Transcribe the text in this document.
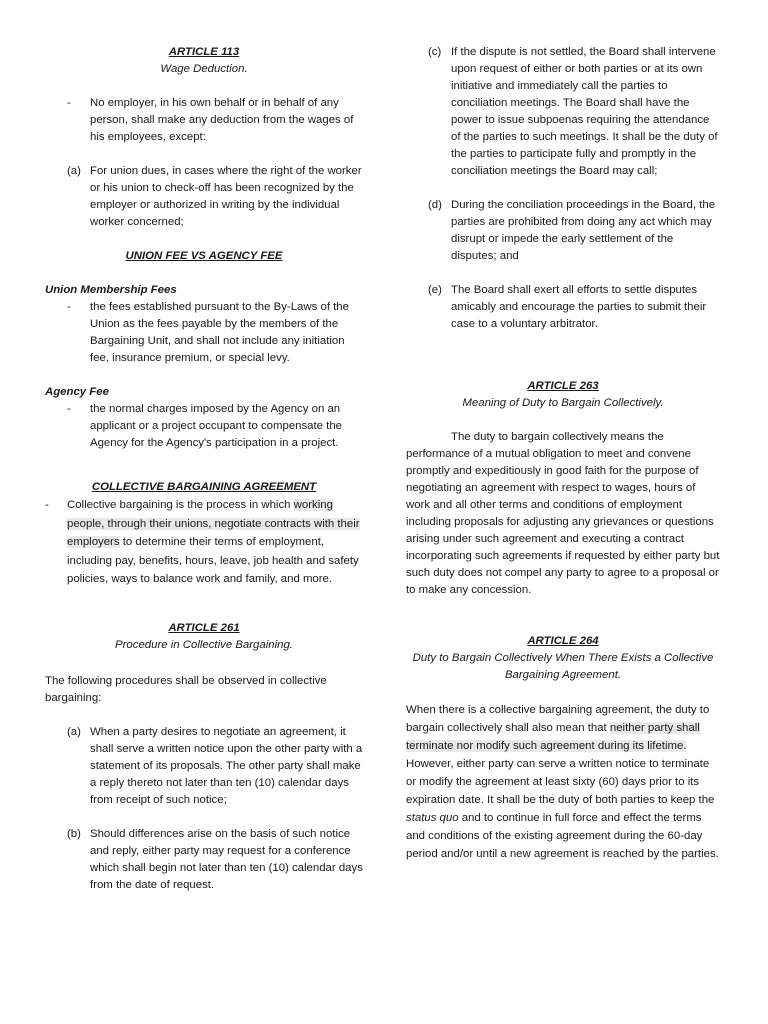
ARTICLE 113
Wage Deduction.
- No employer, in his own behalf or in behalf of any person, shall make any deduction from the wages of his employees, except:

(a) For union dues, in cases where the right of the worker or his union to check-off has been recognized by the employer or authorized in writing by the individual worker concerned;

UNION FEE VS AGENCY FEE
Union Membership Fees
- the fees established pursuant to the By-Laws of the Union as the fees payable by the members of the Bargaining Unit, and shall not include any initiation fee, insurance premium, or special levy.

Agency Fee
- the normal charges imposed by the Agency on an applicant or a project occupant to compensate the Agency for the Agency's participation in a project.

COLLECTIVE BARGAINING AGREEMENT
- Collective bargaining is the process in which working people, through their unions, negotiate contracts with their employers to determine their terms of employment, including pay, benefits, hours, leave, job health and safety policies, ways to balance work and family, and more.

ARTICLE 261
Procedure in Collective Bargaining.

The following procedures shall be observed in collective bargaining:

(a) When a party desires to negotiate an agreement, it shall serve a written notice upon the other party with a statement of its proposals. The other party shall make a reply thereto not later than ten (10) calendar days from receipt of such notice;

(b) Should differences arise on the basis of such notice and reply, either party may request for a conference which shall begin not later than ten (10) calendar days from the date of request.

(c) If the dispute is not settled, the Board shall intervene upon request of either or both parties or at its own initiative and immediately call the parties to conciliation meetings. The Board shall have the power to issue subpoenas requiring the attendance of the parties to such meetings. It shall be the duty of the parties to participate fully and promptly in the conciliation meetings the Board may call;

(d) During the conciliation proceedings in the Board, the parties are prohibited from doing any act which may disrupt or impede the early settlement of the disputes; and

(e) The Board shall exert all efforts to settle disputes amicably and encourage the parties to submit their case to a voluntary arbitrator.

ARTICLE 263
Meaning of Duty to Bargain Collectively.

The duty to bargain collectively means the performance of a mutual obligation to meet and convene promptly and expeditiously in good faith for the purpose of negotiating an agreement with respect to wages, hours of work and all other terms and conditions of employment including proposals for adjusting any grievances or questions arising under such agreement and executing a contract incorporating such agreements if requested by either party but such duty does not compel any party to agree to a proposal or to make any concession.

ARTICLE 264
Duty to Bargain Collectively When There Exists a Collective Bargaining Agreement.

When there is a collective bargaining agreement, the duty to bargain collectively shall also mean that neither party shall terminate nor modify such agreement during its lifetime. However, either party can serve a written notice to terminate or modify the agreement at least sixty (60) days prior to its expiration date. It shall be the duty of both parties to keep the status quo and to continue in full force and effect the terms and conditions of the existing agreement during the 60-day period and/or until a new agreement is reached by the parties.
